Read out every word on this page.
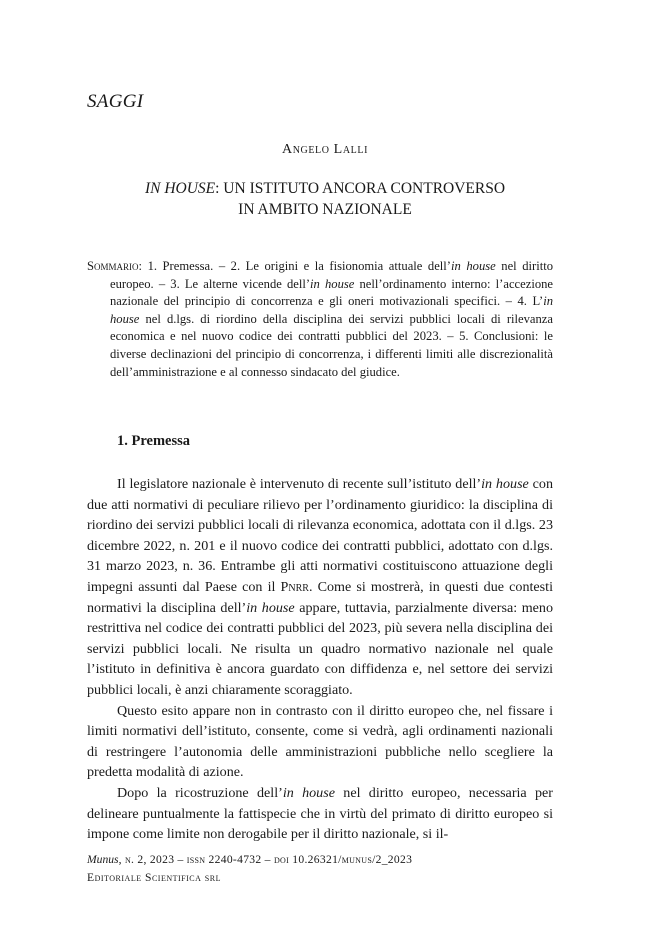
SAGGI
Angelo Lalli
IN HOUSE: UN ISTITUTO ANCORA CONTROVERSO
IN AMBITO NAZIONALE
Sommario: 1. Premessa. – 2. Le origini e la fisionomia attuale dell’in house nel diritto europeo. – 3. Le alterne vicende dell’in house nell’ordinamento interno: l’accezione nazionale del principio di concorrenza e gli oneri motivazionali specifici. – 4. L’in house nel d.lgs. di riordino della disciplina dei servizi pubblici locali di rilevanza economica e nel nuovo codice dei contratti pubblici del 2023. – 5. Conclusioni: le diverse declinazioni del principio di concorrenza, i differenti limiti alle discrezionalità dell’amministrazione e al connesso sindacato del giudice.
1. Premessa

Il legislatore nazionale è intervenuto di recente sull’istituto dell’in house con due atti normativi di peculiare rilievo per l’ordinamento giuridico: la disciplina di riordino dei servizi pubblici locali di rilevanza economica, adottata con il d.lgs. 23 dicembre 2022, n. 201 e il nuovo codice dei contratti pubblici, adottato con d.lgs. 31 marzo 2023, n. 36. Entrambe gli atti normativi costituiscono attuazione degli impegni assunti dal Paese con il Pnrr. Come si mostrerà, in questi due contesti normativi la disciplina dell’in house appare, tuttavia, parzialmente diversa: meno restrittiva nel codice dei contratti pubblici del 2023, più severa nella disciplina dei servizi pubblici locali. Ne risulta un quadro normativo nazionale nel quale l’istituto in definitiva è ancora guardato con diffidenza e, nel settore dei servizi pubblici locali, è anzi chiaramente scoraggiato.

Questo esito appare non in contrasto con il diritto europeo che, nel fissare i limiti normativi dell’istituto, consente, come si vedrà, agli ordinamenti nazionali di restringere l’autonomia delle amministrazioni pubbliche nello scegliere la predetta modalità di azione.

Dopo la ricostruzione dell’in house nel diritto europeo, necessaria per delineare puntualmente la fattispecie che in virtù del primato di diritto europeo si impone come limite non derogabile per il diritto nazionale, si il-

Munus, n. 2, 2023 – issn 2240-4732 – doi 10.26321/munus/2_2023
Editoriale Scientifica srl
